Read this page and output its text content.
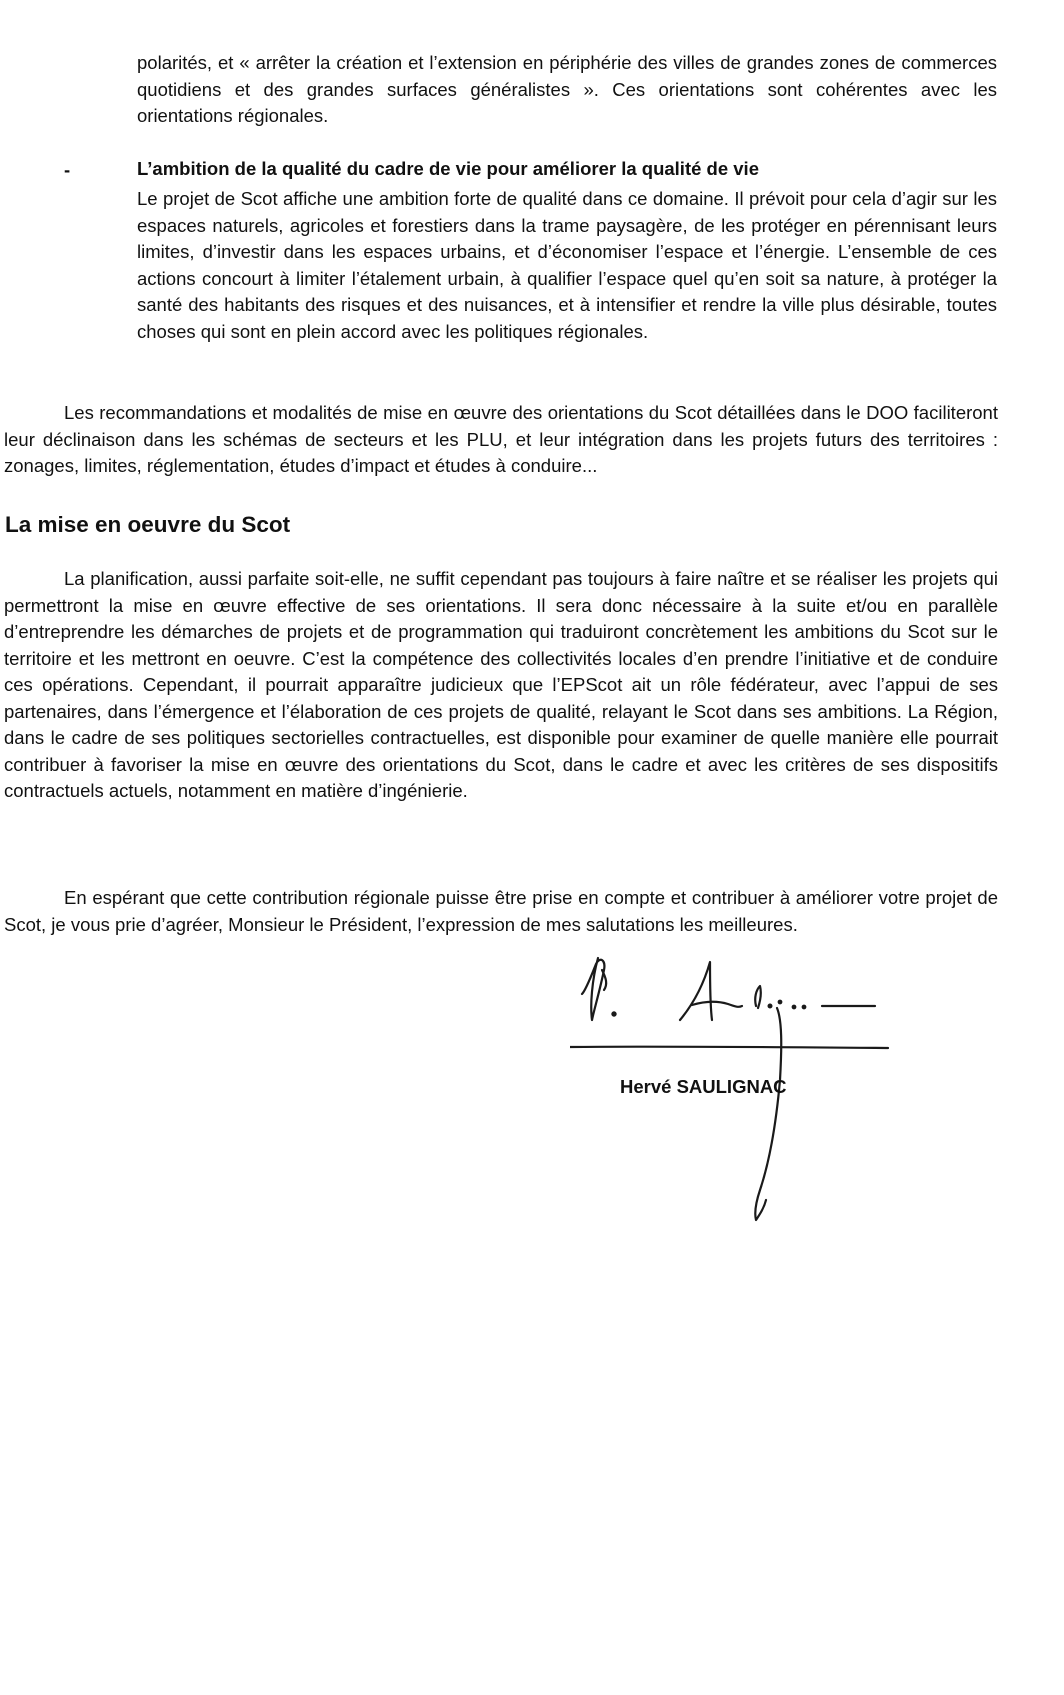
polarités, et « arrêter la création et l’extension en périphérie des villes de grandes zones de commerces quotidiens et des grandes surfaces généralistes ». Ces orientations sont cohérentes avec les orientations régionales.

-	L’ambition de la qualité du cadre de vie pour améliorer la qualité de vie

Le projet de Scot affiche une ambition forte de qualité dans ce domaine. Il prévoit pour cela d’agir sur les espaces naturels, agricoles et forestiers dans la trame paysagère, de les protéger en pérennisant leurs limites, d’investir dans les espaces urbains, et d’économiser l’espace et l’énergie. L’ensemble de ces actions concourt à limiter l’étalement urbain, à qualifier l’espace quel qu’en soit sa nature, à protéger la santé des habitants des risques et des nuisances, et à intensifier et rendre la ville plus désirable, toutes choses qui sont en plein accord avec les politiques régionales.

Les recommandations et modalités de mise en œuvre des orientations du Scot détaillées dans le DOO faciliteront leur déclinaison dans les schémas de secteurs et les PLU, et leur intégration dans les projets futurs des territoires : zonages, limites, réglementation, études d’impact et études à conduire...

La mise en oeuvre du Scot

La planification, aussi parfaite soit-elle, ne suffit cependant pas toujours à faire naître et se réaliser les projets qui permettront la mise en œuvre effective de ses orientations. Il sera donc nécessaire à la suite et/ou en parallèle d’entreprendre les démarches de projets et de programmation qui traduiront concrètement les ambitions du Scot sur le territoire et les mettront en oeuvre. C’est la compétence des collectivités locales d’en prendre l’initiative et de conduire ces opérations. Cependant, il pourrait apparaître judicieux que l’EPScot ait un rôle fédérateur, avec l’appui de ses partenaires, dans l’émergence et l’élaboration de ces projets de qualité, relayant le Scot dans ses ambitions. La Région, dans le cadre de ses politiques sectorielles contractuelles, est disponible pour examiner de quelle manière elle pourrait contribuer à favoriser la mise en œuvre des orientations du Scot, dans le cadre et avec les critères de ses dispositifs contractuels actuels, notamment en matière d’ingénierie.

En espérant que cette contribution régionale puisse être prise en compte et contribuer à améliorer votre projet de Scot, je vous prie d’agréer, Monsieur le Président, l’expression de mes salutations les meilleures.

Hervé SAULIGNAC
